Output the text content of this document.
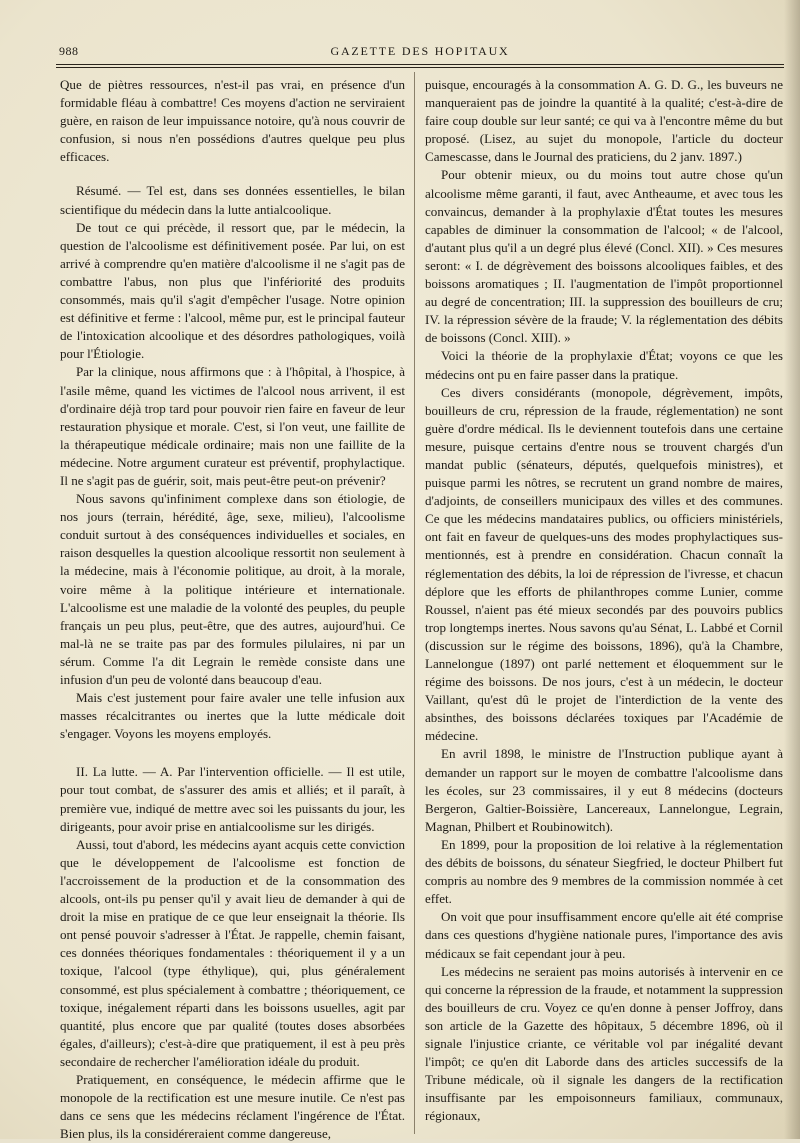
988	GAZETTE DES HOPITAUX

Que de piètres ressources, n'est-il pas vrai, en présence d'un formidable fléau à combattre! Ces moyens d'action ne serviraient guère, en raison de leur impuissance notoire, qu'à nous couvrir de confusion, si nous n'en possédions d'autres quelque peu plus efficaces.

Résumé. — Tel est, dans ses données essentielles, le bilan scientifique du médecin dans la lutte antialcoolique.

De tout ce qui précède, il ressort que, par le médecin, la question de l'alcoolisme est définitivement posée. Par lui, on est arrivé à comprendre qu'en matière d'alcoolisme il ne s'agit pas de combattre l'abus, non plus que l'infériorité des produits consommés, mais qu'il s'agit d'empêcher l'usage. Notre opinion est définitive et ferme : l'alcool, même pur, est le principal fauteur de l'intoxication alcoolique et des désordres pathologiques, voilà pour l'Étiologie.

Par la clinique, nous affirmons que : à l'hôpital, à l'hospice, à l'asile même, quand les victimes de l'alcool nous arrivent, il est d'ordinaire déjà trop tard pour pouvoir rien faire en faveur de leur restauration physique et morale. C'est, si l'on veut, une faillite de la thérapeutique médicale ordinaire; mais non une faillite de la médecine. Notre argument curateur est préventif, prophylactique. Il ne s'agit pas de guérir, soit, mais peut-être peut-on prévenir?

Nous savons qu'infiniment complexe dans son étiologie, de nos jours (terrain, hérédité, âge, sexe, milieu), l'alcoolisme conduit surtout à des conséquences individuelles et sociales, en raison desquelles la question alcoolique ressortit non seulement à la médecine, mais à l'économie politique, au droit, à la morale, voire même à la politique intérieure et internationale. L'alcoolisme est une maladie de la volonté des peuples, du peuple français un peu plus, peut-être, que des autres, aujourd'hui. Ce mal-là ne se traite pas par des formules pilulaires, ni par un sérum. Comme l'a dit Legrain le remède consiste dans une infusion d'un peu de volonté dans beaucoup d'eau.

Mais c'est justement pour faire avaler une telle infusion aux masses récalcitrantes ou inertes que la lutte médicale doit s'engager. Voyons les moyens employés.

II. La lutte. — A. Par l'intervention officielle. — Il est utile, pour tout combat, de s'assurer des amis et alliés; et il paraît, à première vue, indiqué de mettre avec soi les puissants du jour, les dirigeants, pour avoir prise en antialcoolisme sur les dirigés.

Aussi, tout d'abord, les médecins ayant acquis cette conviction que le développement de l'alcoolisme est fonction de l'accroissement de la production et de la consommation des alcools, ont-ils pu penser qu'il y avait lieu de demander à qui de droit la mise en pratique de ce que leur enseignait la théorie. Ils ont pensé pouvoir s'adresser à l'État. Je rappelle, chemin faisant, ces données théoriques fondamentales : théoriquement il y a un toxique, l'alcool (type éthylique), qui, plus généralement consommé, est plus spécialement à combattre ; théoriquement, ce toxique, inégalement réparti dans les boissons usuelles, agit par quantité, plus encore que par qualité (toutes doses absorbées égales, d'ailleurs); c'est-à-dire que pratiquement, il est à peu près secondaire de rechercher l'amélioration idéale du produit.

Pratiquement, en conséquence, le médecin affirme que le monopole de la rectification est une mesure inutile. Ce n'est pas dans ce sens que les médecins réclament l'ingérence de l'État. Bien plus, ils la considéreraient comme dangereuse,

puisque, encouragés à la consommation A. G. D. G., les buveurs ne manqueraient pas de joindre la quantité à la qualité; c'est-à-dire de faire coup double sur leur santé; ce qui va à l'encontre même du but proposé. (Lisez, au sujet du monopole, l'article du docteur Camescasse, dans le Journal des praticiens, du 2 janv. 1897.)

Pour obtenir mieux, ou du moins tout autre chose qu'un alcoolisme même garanti, il faut, avec Antheaume, et avec tous les convaincus, demander à la prophylaxie d'État toutes les mesures capables de diminuer la consommation de l'alcool; « de l'alcool, d'autant plus qu'il a un degré plus élevé (Concl. XII). » Ces mesures seront: « I. de dégrèvement des boissons alcooliques faibles, et des boissons aromatiques ; II. l'augmentation de l'impôt proportionnel au degré de concentration; III. la suppression des bouilleurs de cru; IV. la répression sévère de la fraude; V. la réglementation des débits de boissons (Concl. XIII). »

Voici la théorie de la prophylaxie d'État; voyons ce que les médecins ont pu en faire passer dans la pratique.

Ces divers considérants (monopole, dégrèvement, impôts, bouilleurs de cru, répression de la fraude, réglementation) ne sont guère d'ordre médical. Ils le deviennent toutefois dans une certaine mesure, puisque certains d'entre nous se trouvent chargés d'un mandat public (sénateurs, députés, quelquefois ministres), et puisque parmi les nôtres, se recrutent un grand nombre de maires, d'adjoints, de conseillers municipaux des villes et des communes. Ce que les médecins mandataires publics, ou officiers ministériels, ont fait en faveur de quelques-uns des modes prophylactiques sus-mentionnés, est à prendre en considération. Chacun connaît la réglementation des débits, la loi de répression de l'ivresse, et chacun déplore que les efforts de philanthropes comme Lunier, comme Roussel, n'aient pas été mieux secondés par des pouvoirs publics trop longtemps inertes. Nous savons qu'au Sénat, L. Labbé et Cornil (discussion sur le régime des boissons, 1896), qu'à la Chambre, Lannelongue (1897) ont parlé nettement et éloquemment sur le régime des boissons. De nos jours, c'est à un médecin, le docteur Vaillant, qu'est dû le projet de l'interdiction de la vente des absinthes, des boissons déclarées toxiques par l'Académie de médecine.

En avril 1898, le ministre de l'Instruction publique ayant à demander un rapport sur le moyen de combattre l'alcoolisme dans les écoles, sur 23 commissaires, il y eut 8 médecins (docteurs Bergeron, Galtier-Boissière, Lancereaux, Lannelongue, Legrain, Magnan, Philbert et Roubinowitch).

En 1899, pour la proposition de loi relative à la réglementation des débits de boissons, du sénateur Siegfried, le docteur Philbert fut compris au nombre des 9 membres de la commission nommée à cet effet.

On voit que pour insuffisamment encore qu'elle ait été comprise dans ces questions d'hygiène nationale pures, l'importance des avis médicaux se fait cependant jour à peu.

Les médecins ne seraient pas moins autorisés à intervenir en ce qui concerne la répression de la fraude, et notamment la suppression des bouilleurs de cru. Voyez ce qu'en donne à penser Joffroy, dans son article de la Gazette des hôpitaux, 5 décembre 1896, où il signale l'injustice criante, ce véritable vol par inégalité devant l'impôt; ce qu'en dit Laborde dans des articles successifs de la Tribune médicale, où il signale les dangers de la rectification insuffisante par les empoisonneurs familiaux, communaux, régionaux,
